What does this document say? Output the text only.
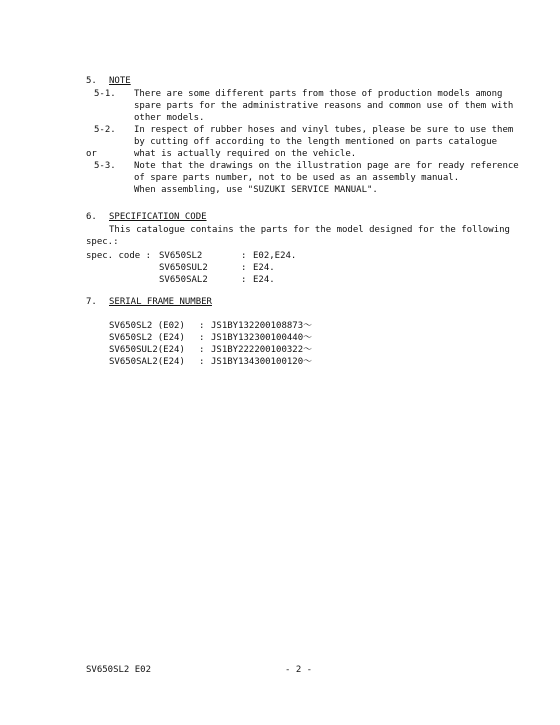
5. NOTE
5-1. There are some different parts from those of production models among
spare parts for the administrative reasons and common use of them with
other models.
5-2. In respect of rubber hoses and vinyl tubes, please be sure to use them
by cutting off according to the length mentioned on parts catalogue
or	what is actually required on the vehicle.
5-3. Note that the drawings on the illustration page are for ready reference
of spare parts number, not to be used as an assembly manual.
When assembling, use "SUZUKI SERVICE MANUAL".
6. SPECIFICATION CODE
This catalogue contains the parts for the model designed for the following
spec.:
spec. code : SV650SL2	: E02,E24.
SV650SUL2	: E24.
SV650SAL2	: E24.
7. SERIAL FRAME NUMBER
SV650SL2 (E02) : JS1BY132200108873～
SV650SL2 (E24) : JS1BY132300100440～
SV650SUL2(E24) : JS1BY222200100322～
SV650SAL2(E24) : JS1BY134300100120～
SV650SL2 E02	- 2 -
